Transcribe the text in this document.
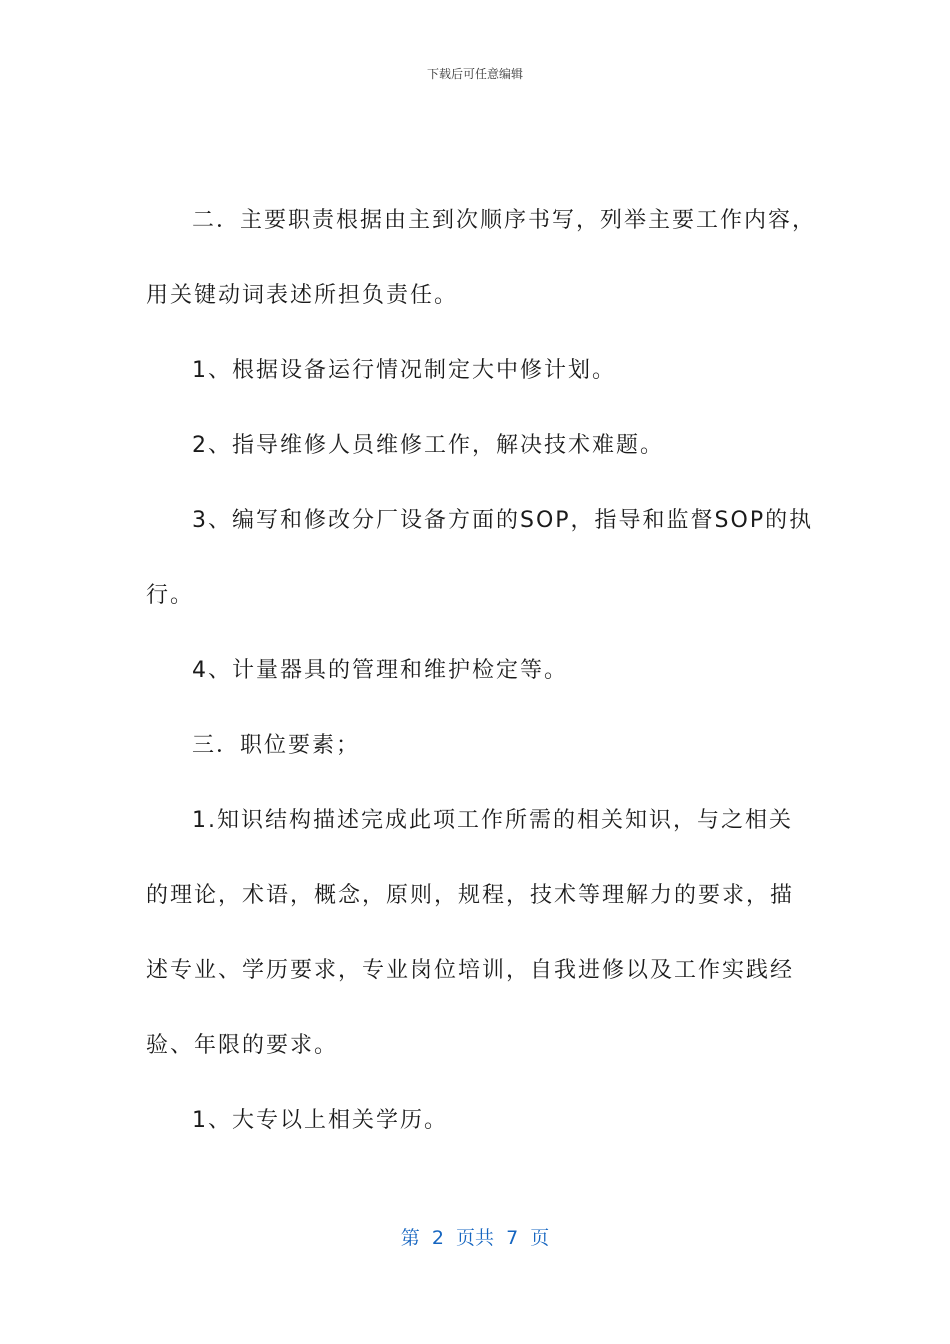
下载后可任意编辑
二．主要职责根据由主到次顺序书写，列举主要工作内容，
用关键动词表述所担负责任。
1、根据设备运行情况制定大中修计划。
2、指导维修人员维修工作，解决技术难题。
3、编写和修改分厂设备方面的SOP，指导和监督SOP的执
行。
4、计量器具的管理和维护检定等。
三．职位要素；
1.知识结构描述完成此项工作所需的相关知识，与之相关
的理论，术语，概念，原则，规程，技术等理解力的要求，描
述专业、学历要求，专业岗位培训，自我进修以及工作实践经
验、年限的要求。
1、大专以上相关学历。
第  2  页共  7  页
